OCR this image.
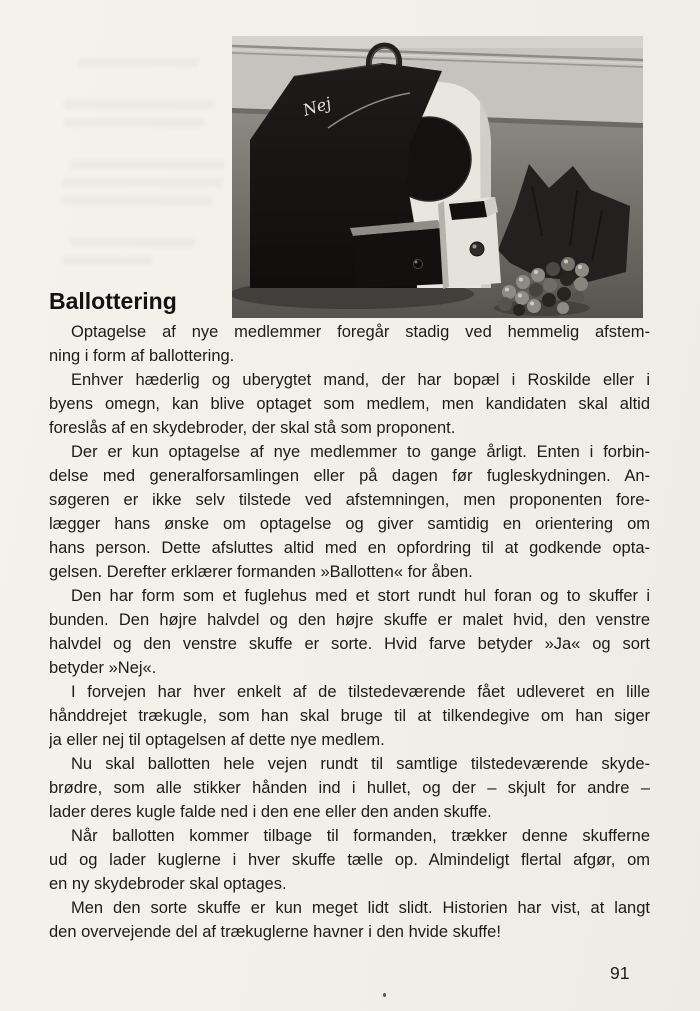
Nej
Ballottering
Optagelse af nye medlemmer foregår stadig ved hemmelig afstem-
ning i form af ballottering.
Enhver hæderlig og uberygtet mand, der har bopæl i Roskilde eller i
byens omegn, kan blive optaget som medlem, men kandidaten skal altid
foreslås af en skydebroder, der skal stå som proponent.
Der er kun optagelse af nye medlemmer to gange årligt. Enten i forbin-
delse med generalforsamlingen eller på dagen før fugleskydningen. An-
søgeren er ikke selv tilstede ved afstemningen, men proponenten fore-
lægger hans ønske om optagelse og giver samtidig en orientering om
hans person. Dette afsluttes altid med en opfordring til at godkende opta-
gelsen. Derefter erklærer formanden »Ballotten« for åben.
Den har form som et fuglehus med et stort rundt hul foran og to skuffer i
bunden. Den højre halvdel og den højre skuffe er malet hvid, den venstre
halvdel og den venstre skuffe er sorte. Hvid farve betyder »Ja« og sort
betyder »Nej«.
I forvejen har hver enkelt af de tilstedeværende fået udleveret en lille
hånddrejet trækugle, som han skal bruge til at tilkendegive om han siger
ja eller nej til optagelsen af dette nye medlem.
Nu skal ballotten hele vejen rundt til samtlige tilstedeværende skyde-
brødre, som alle stikker hånden ind i hullet, og der – skjult for andre –
lader deres kugle falde ned i den ene eller den anden skuffe.
Når ballotten kommer tilbage til formanden, trækker denne skufferne
ud og lader kuglerne i hver skuffe tælle op. Almindeligt flertal afgør, om
en ny skydebroder skal optages.
Men den sorte skuffe er kun meget lidt slidt. Historien har vist, at langt
den overvejende del af trækuglerne havner i den hvide skuffe!
91
